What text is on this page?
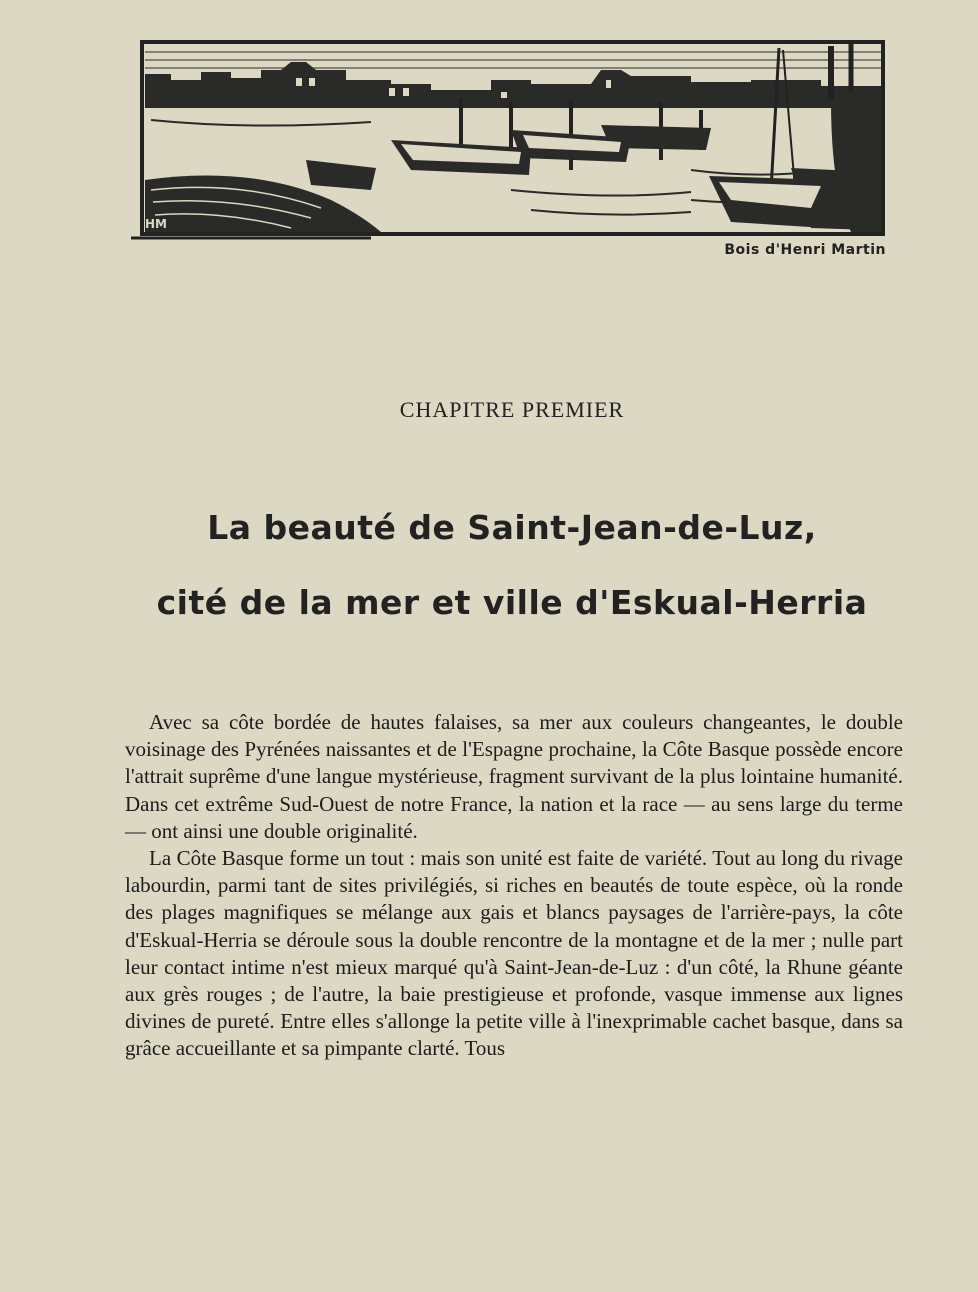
HM
Bois d'Henri Martin
CHAPITRE PREMIER
La beauté de Saint-Jean-de-Luz,
cité de la mer et ville d'Eskual-Herria

Avec sa côte bordée de hautes falaises, sa mer aux couleurs changeantes, le double voisinage des Pyrénées naissantes et de l'Espagne prochaine, la Côte Basque possède encore l'attrait suprême d'une langue mystérieuse, fragment survivant de la plus lointaine humanité. Dans cet extrême Sud-Ouest de notre France, la nation et la race — au sens large du terme — ont ainsi une double originalité.

La Côte Basque forme un tout : mais son unité est faite de variété. Tout au long du rivage labourdin, parmi tant de sites privilégiés, si riches en beautés de toute espèce, où la ronde des plages magnifiques se mélange aux gais et blancs paysages de l'arrière-pays, la côte d'Eskual-Herria se déroule sous la double rencontre de la montagne et de la mer ; nulle part leur contact intime n'est mieux marqué qu'à Saint-Jean-de-Luz : d'un côté, la Rhune géante aux grès rouges ; de l'autre, la baie prestigieuse et profonde, vasque immense aux lignes divines de pureté. Entre elles s'allonge la petite ville à l'inexprimable cachet basque, dans sa grâce accueillante et sa pimpante clarté. Tous
